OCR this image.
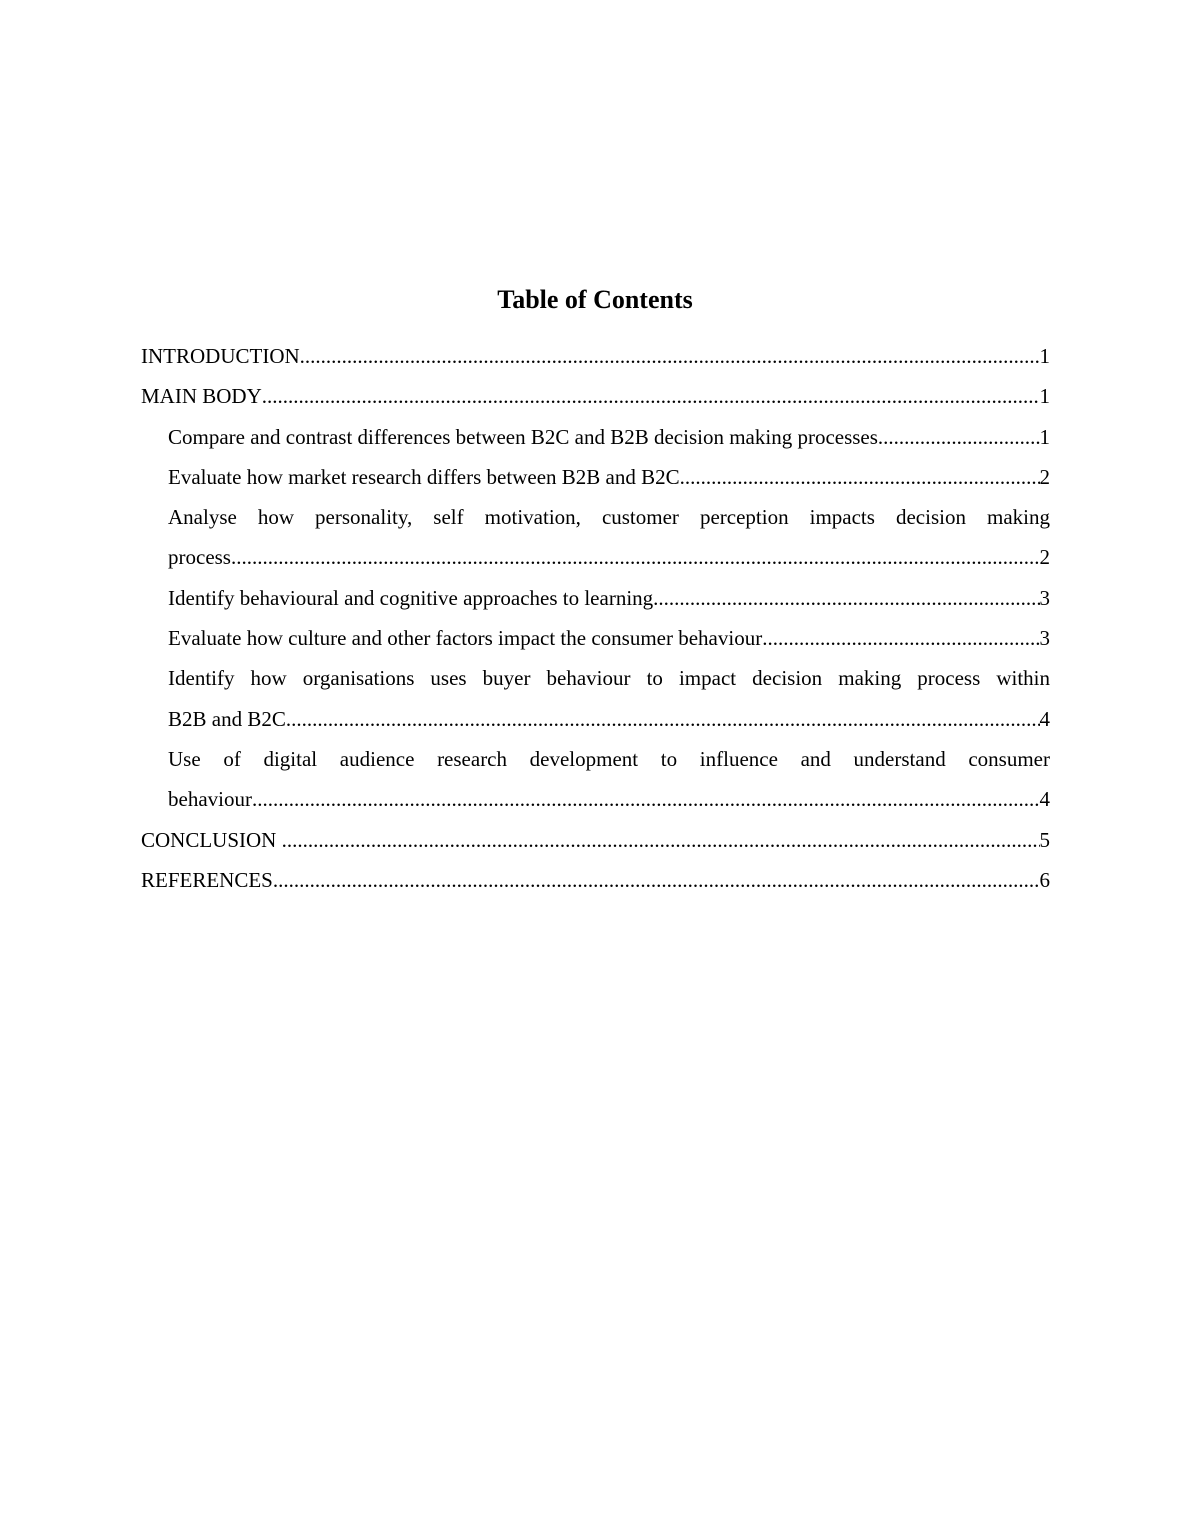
Table of Contents
INTRODUCTION .....	1
MAIN BODY .....	1
Compare and contrast differences between B2C and B2B decision making processes .....	1
Evaluate how market research differs between B2B and B2C .....	2
Analyse how personality, self motivation, customer perception impacts decision making
process .....	2
Identify behavioural and cognitive approaches to learning .....	3
Evaluate how culture and other factors impact the consumer behaviour .....	3
Identify how organisations uses buyer behaviour to impact decision making process within
B2B and B2C .....	4
Use of digital audience research development to influence and understand consumer
behaviour .....	4
CONCLUSION .....	5
REFERENCES .....	6
